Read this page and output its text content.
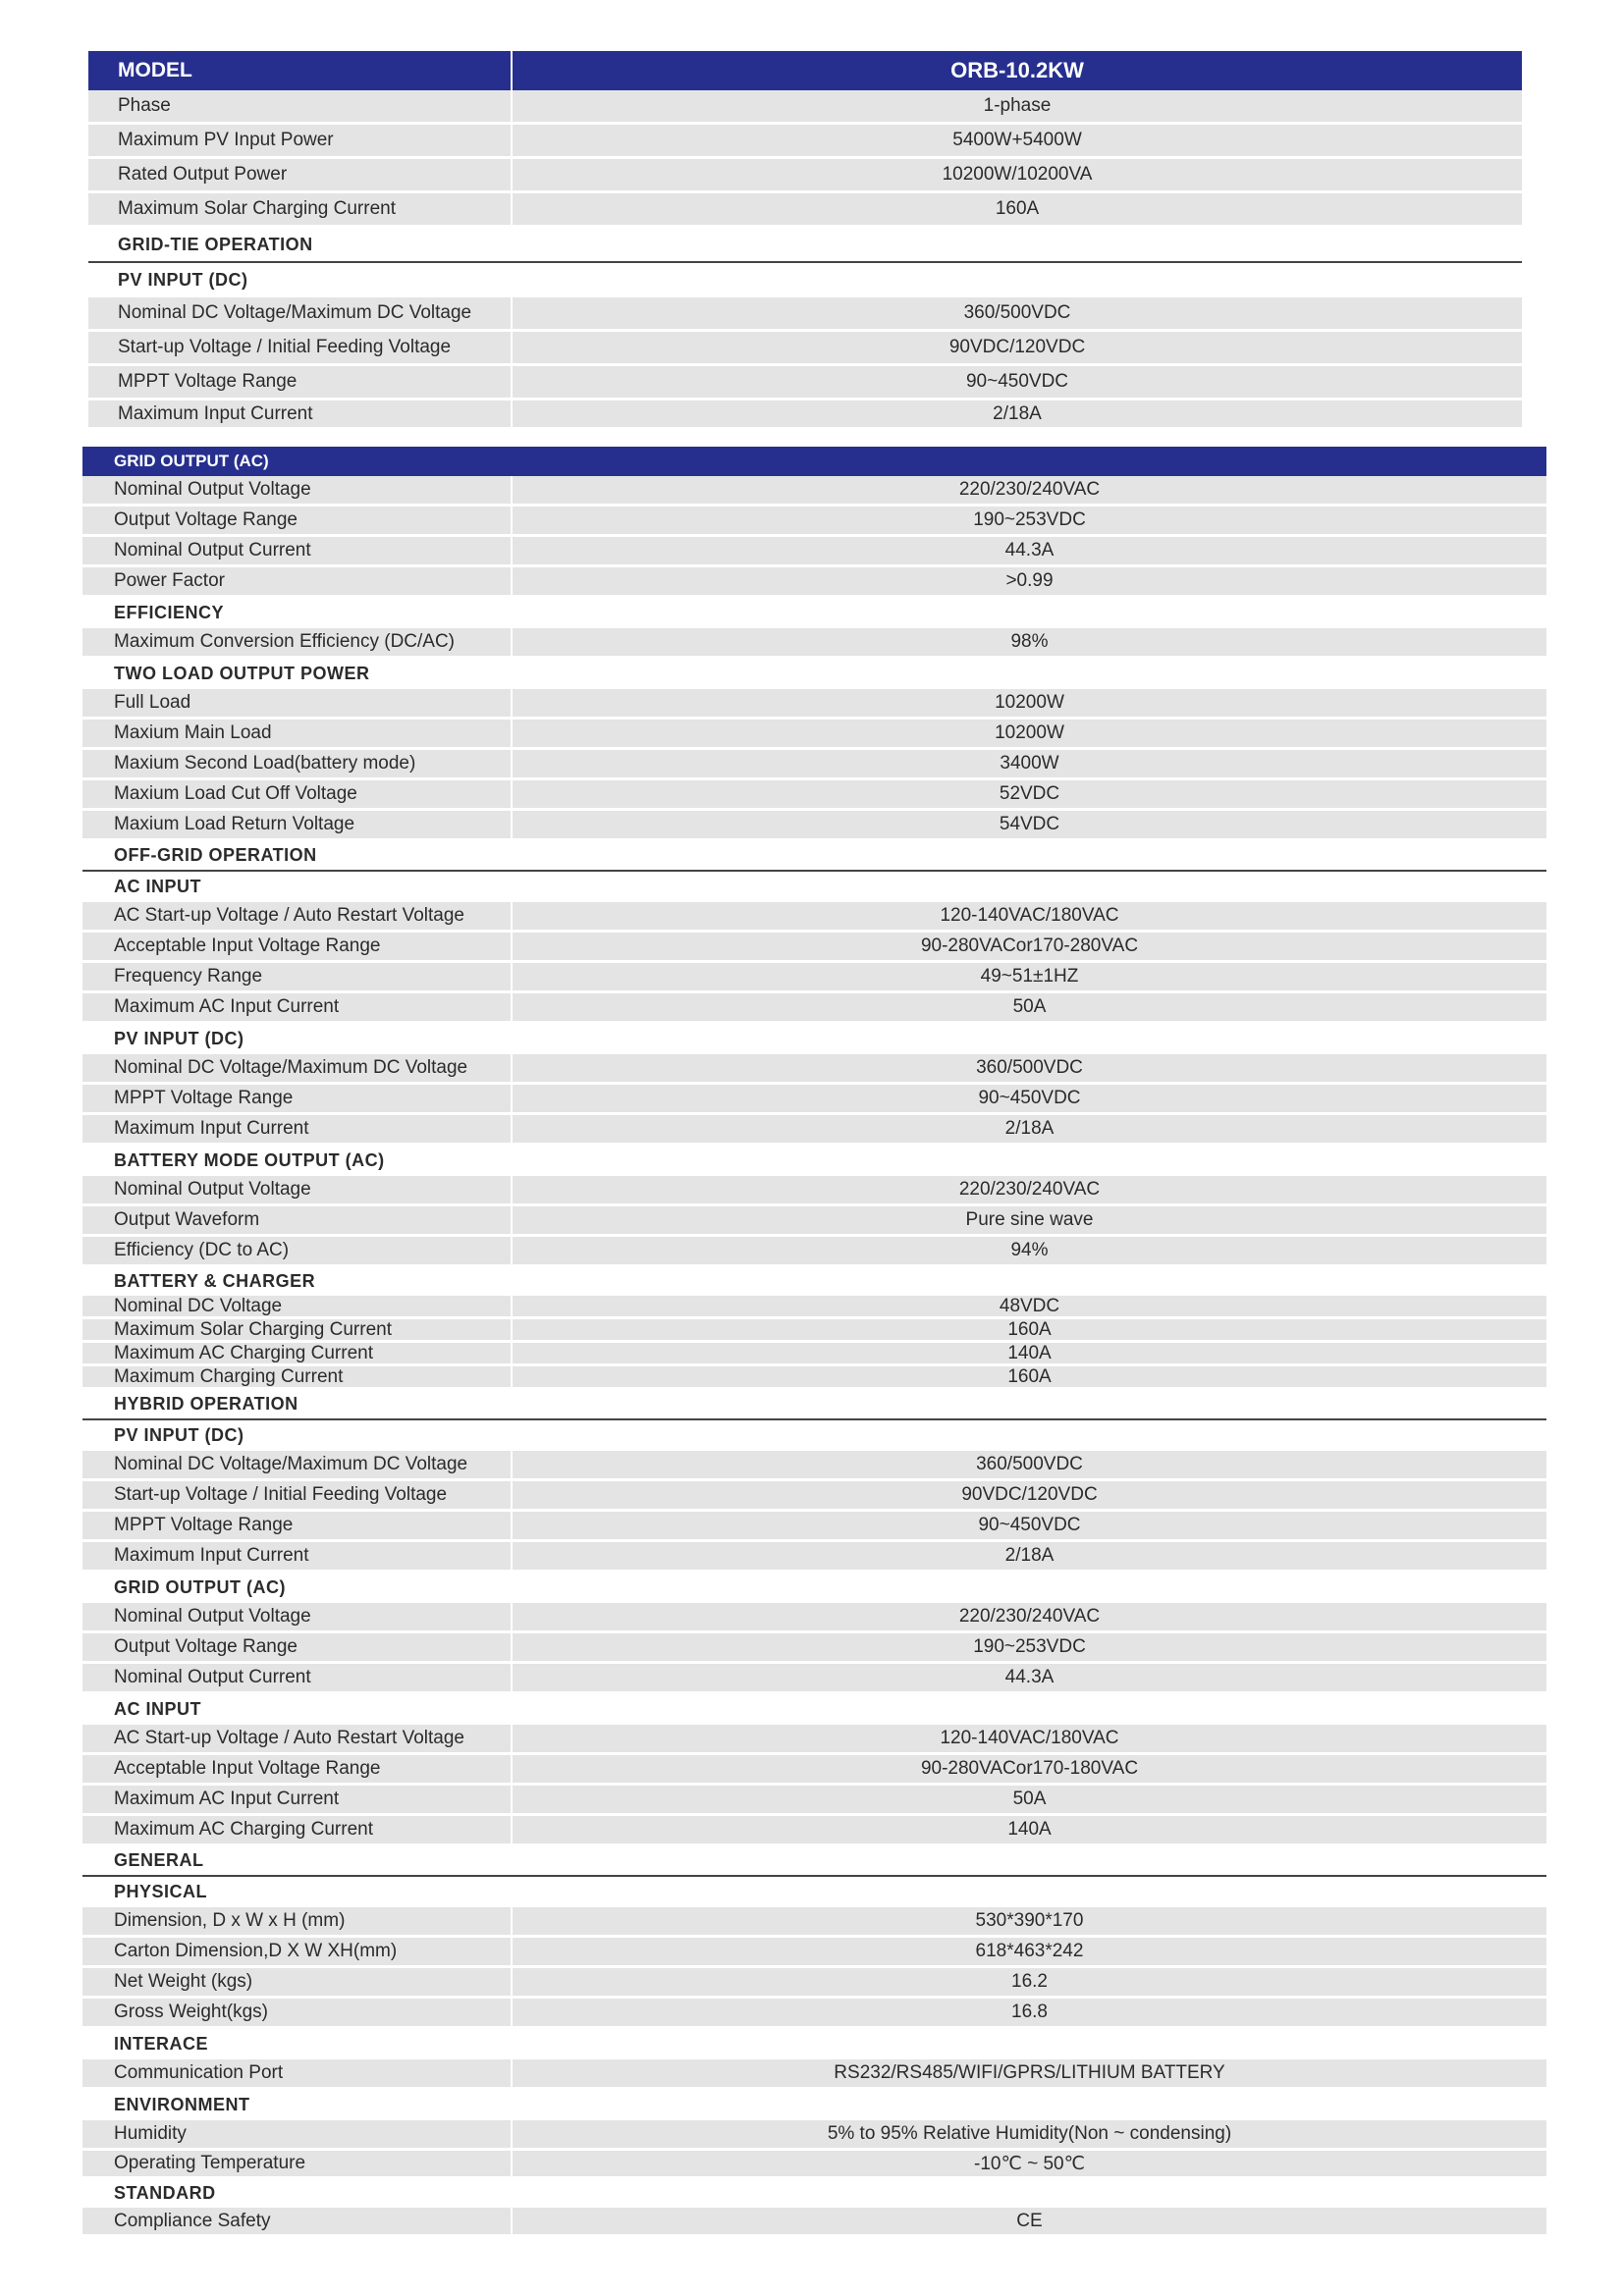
MODEL	ORB-10.2KW
Phase	1-phase
Maximum PV Input Power	5400W+5400W
Rated Output Power	10200W/10200VA
Maximum Solar Charging Current	160A
GRID-TIE OPERATION
PV INPUT (DC)
Nominal DC Voltage/Maximum DC Voltage	360/500VDC
Start-up Voltage / Initial Feeding Voltage	90VDC/120VDC
MPPT Voltage Range	90~450VDC
Maximum Input Current	2/18A
GRID OUTPUT (AC)
Nominal Output Voltage	220/230/240VAC
Output Voltage Range	190~253VDC
Nominal Output Current	44.3A
Power Factor	>0.99
EFFICIENCY
Maximum Conversion Efficiency (DC/AC)	98%
TWO LOAD OUTPUT POWER
Full Load	10200W
Maxium Main Load	10200W
Maxium Second Load(battery mode)	3400W
Maxium Load Cut Off Voltage	52VDC
Maxium Load Return Voltage	54VDC
OFF-GRID OPERATION
AC INPUT
AC Start-up Voltage / Auto Restart Voltage	120-140VAC/180VAC
Acceptable Input Voltage Range	90-280VACor170-280VAC
Frequency Range	49~51±1HZ
Maximum AC Input Current	50A
PV INPUT (DC)
Nominal DC Voltage/Maximum DC Voltage	360/500VDC
MPPT Voltage Range	90~450VDC
Maximum Input Current	2/18A
BATTERY MODE OUTPUT (AC)
Nominal Output Voltage	220/230/240VAC
Output Waveform	Pure sine wave
Efficiency (DC to AC)	94%
BATTERY & CHARGER
Nominal DC Voltage	48VDC
Maximum Solar Charging Current	160A
Maximum AC Charging Current	140A
Maximum Charging Current	160A
HYBRID OPERATION
PV INPUT (DC)
Nominal DC Voltage/Maximum DC Voltage	360/500VDC
Start-up Voltage / Initial Feeding Voltage	90VDC/120VDC
MPPT Voltage Range	90~450VDC
Maximum Input Current	2/18A
GRID OUTPUT (AC)
Nominal Output Voltage	220/230/240VAC
Output Voltage Range	190~253VDC
Nominal Output Current	44.3A
AC INPUT
AC Start-up Voltage / Auto Restart Voltage	120-140VAC/180VAC
Acceptable Input Voltage Range	90-280VACor170-180VAC
Maximum AC Input Current	50A
Maximum AC Charging Current	140A
GENERAL
PHYSICAL
Dimension, D x W x H (mm)	530*390*170
Carton Dimension,D X W XH(mm)	618*463*242
Net Weight (kgs)	16.2
Gross Weight(kgs)	16.8
INTERACE
Communication Port	RS232/RS485/WIFI/GPRS/LITHIUM BATTERY
ENVIRONMENT
Humidity	5% to 95% Relative Humidity(Non ~ condensing)
Operating Temperature	-10℃ ~ 50℃
STANDARD
Compliance Safety	CE
